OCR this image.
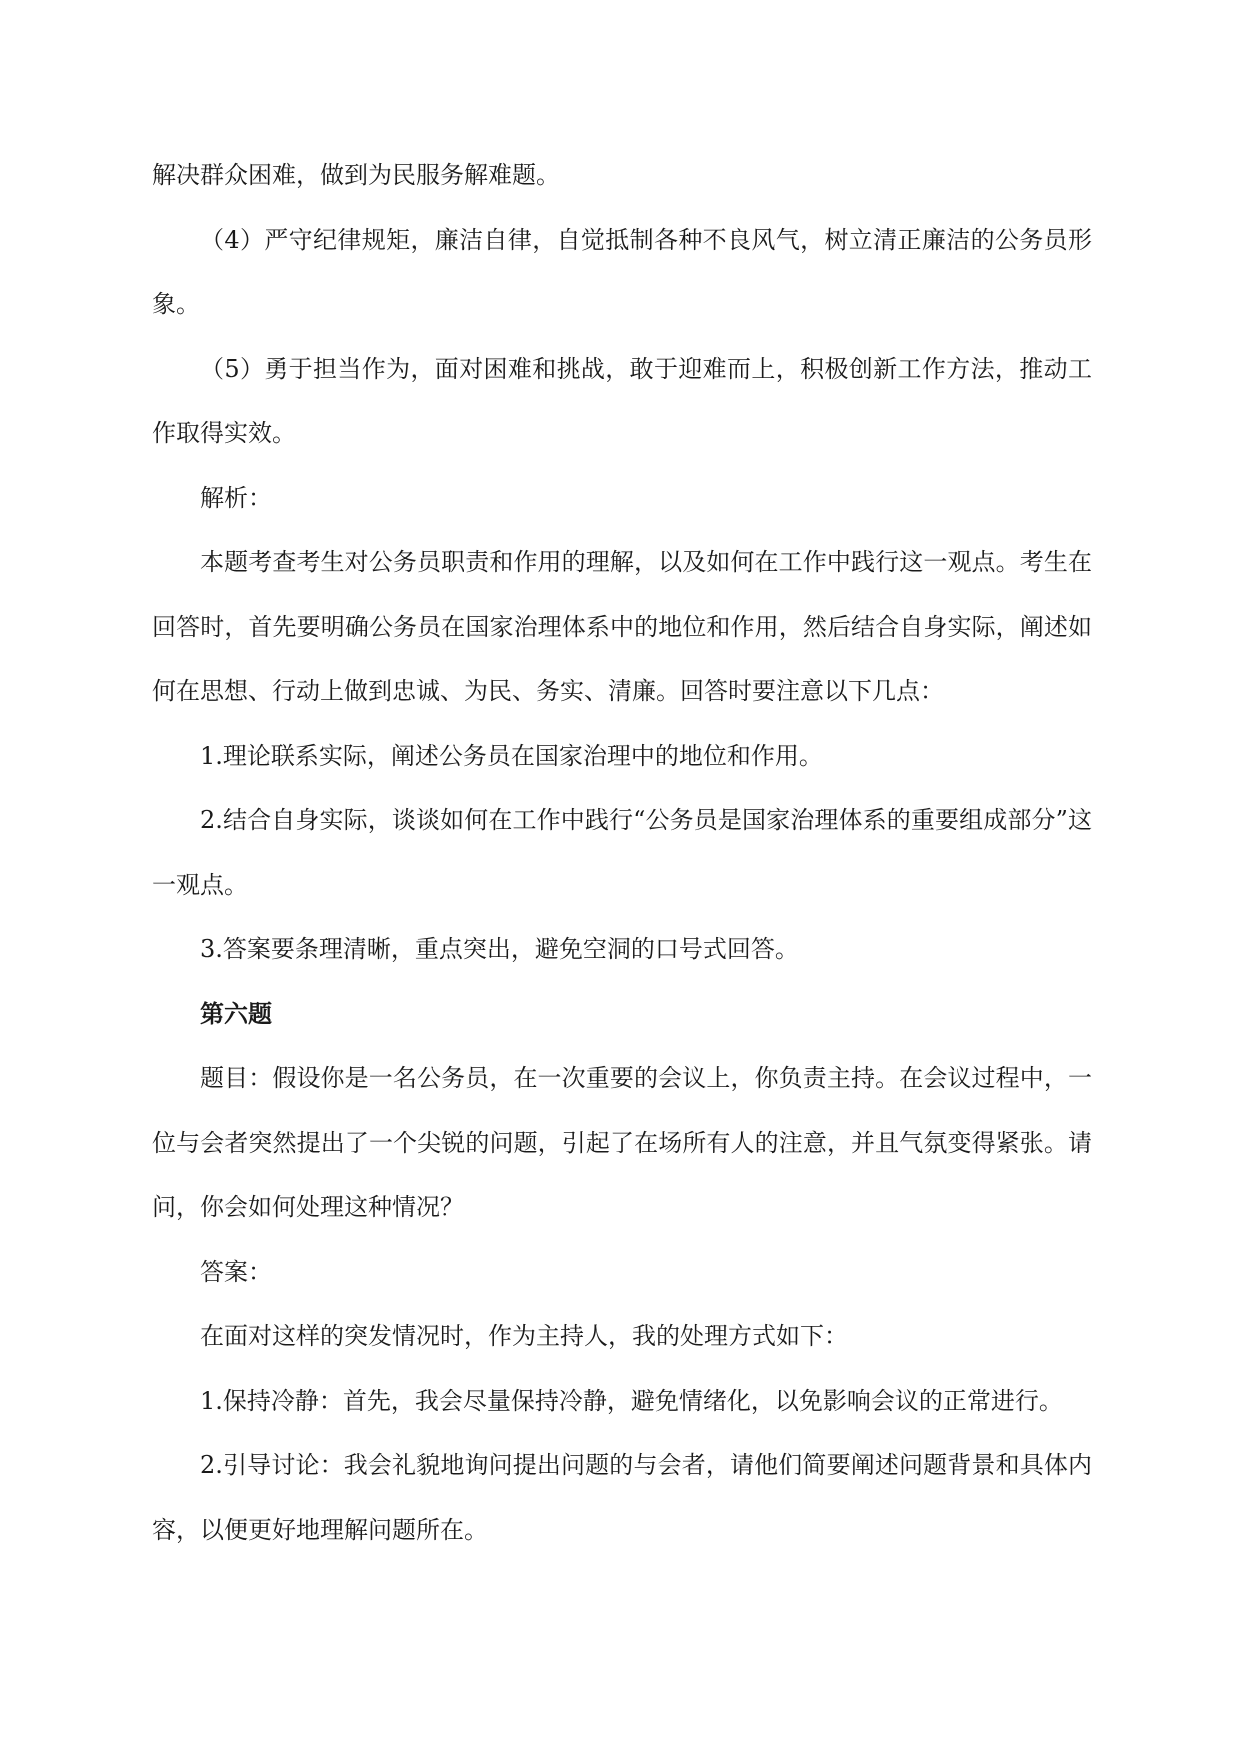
解决群众困难，做到为民服务解难题。

（4）严守纪律规矩，廉洁自律，自觉抵制各种不良风气，树立清正廉洁的公务员形象。

（5）勇于担当作为，面对困难和挑战，敢于迎难而上，积极创新工作方法，推动工作取得实效。

解析：

本题考查考生对公务员职责和作用的理解，以及如何在工作中践行这一观点。考生在回答时，首先要明确公务员在国家治理体系中的地位和作用，然后结合自身实际，阐述如何在思想、行动上做到忠诚、为民、务实、清廉。回答时要注意以下几点：

1.理论联系实际，阐述公务员在国家治理中的地位和作用。

2.结合自身实际，谈谈如何在工作中践行“公务员是国家治理体系的重要组成部分”这一观点。

3.答案要条理清晰，重点突出，避免空洞的口号式回答。

第六题

题目：假设你是一名公务员，在一次重要的会议上，你负责主持。在会议过程中，一位与会者突然提出了一个尖锐的问题，引起了在场所有人的注意，并且气氛变得紧张。请问，你会如何处理这种情况？

答案：

在面对这样的突发情况时，作为主持人，我的处理方式如下：

1.保持冷静：首先，我会尽量保持冷静，避免情绪化，以免影响会议的正常进行。

2.引导讨论：我会礼貌地询问提出问题的与会者，请他们简要阐述问题背景和具体内容，以便更好地理解问题所在。
